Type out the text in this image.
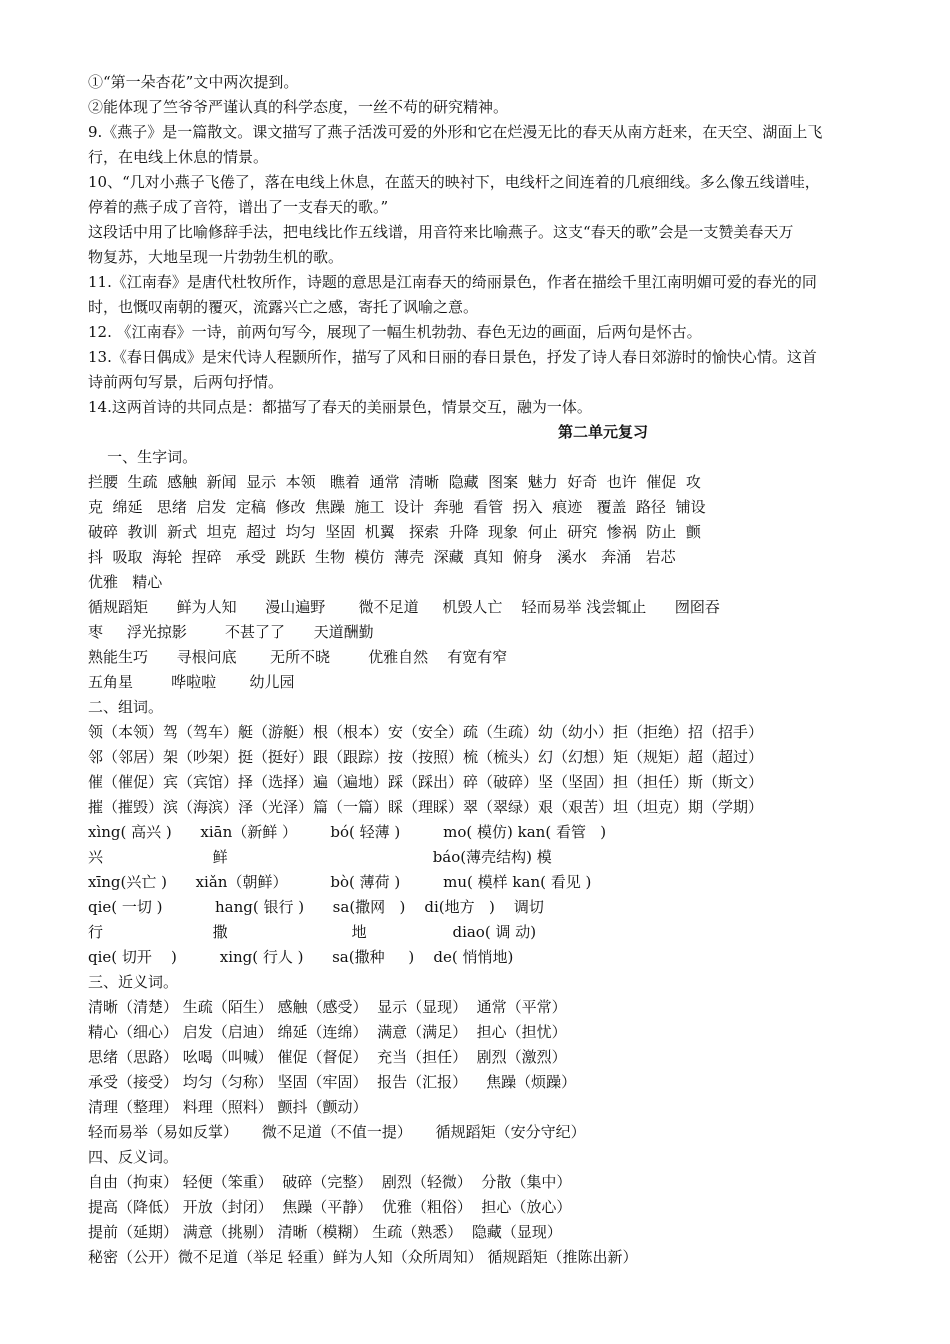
①“第一朵杏花”文中两次提到。
②能体现了竺爷爷严谨认真的科学态度，一丝不苟的研究精神。
9.《燕子》是一篇散文。课文描写了燕子活泼可爱的外形和它在烂漫无比的春天从南方赶来，在天空、湖面上飞
行，在电线上休息的情景。
10、“几对小燕子飞倦了，落在电线上休息，在蓝天的映衬下，电线杆之间连着的几痕细线。多么像五线谱哇，
停着的燕子成了音符，谱出了一支春天的歌。”
这段话中用了比喻修辞手法，把电线比作五线谱，用音符来比喻燕子。这支“春天的歌”会是一支赞美春天万
物复苏，大地呈现一片勃勃生机的歌。
11.《江南春》是唐代杜牧所作，诗题的意思是江南春天的绮丽景色，作者在描绘千里江南明媚可爱的春光的同
时，也慨叹南朝的覆灭，流露兴亡之感，寄托了讽喻之意。
12. 《江南春》一诗，前两句写今，展现了一幅生机勃勃、春色无边的画面，后两句是怀古。
13.《春日偶成》是宋代诗人程颢所作，描写了风和日丽的春日景色，抒发了诗人春日郊游时的愉快心情。这首
诗前两句写景，后两句抒情。
14.这两首诗的共同点是：都描写了春天的美丽景色，情景交互，融为一体。
第二单元复习
一、生字词。
拦腰  生疏  感触  新闻  显示  本领   瞧着  通常  清晰  隐藏  图案  魅力  好奇  也许  催促  攻
克  绵延   思绪  启发  定稿  修改  焦躁  施工  设计  奔驰  看管  拐入  痕迹   覆盖  路径  铺设
破碎  教训  新式  坦克  超过  均匀  坚固  机翼   探索  升降  现象  何止  研究  惨祸  防止  颤
抖  吸取  海轮  捏碎   承受  跳跃  生物  模仿  薄壳  深藏  真知  俯身   溪水   奔涌   岩芯
优雅   精心
循规蹈矩      鲜为人知      漫山遍野       微不足道     机毁人亡    轻而易举 浅尝辄止      囫囵吞
枣     浮光掠影        不甚了了      天道酬勤
熟能生巧      寻根问底       无所不晓        优雅自然    有宽有窄
五角星        哗啦啦       幼儿园
二、组词。
领（本领）驾（驾车）艇（游艇）根（根本）安（安全）疏（生疏）幼（幼小）拒（拒绝）招（招手）
邻（邻居）架（吵架）挺（挺好）跟（跟踪）按（按照）梳（梳头）幻（幻想）矩（规矩）超（超过）
催（催促）宾（宾馆）择（选择）遍（遍地）踩（踩出）碎（破碎）坚（坚固）担（担任）斯（斯文）
摧（摧毁）滨（海滨）泽（光泽）篇（一篇）睬（理睬）翠（翠绿）艰（艰苦）坦（坦克）期（学期）
xìng( 高兴 )      xiān（新鲜 ）       bó( 轻薄 )         mo( 模仿) kan( 看管   )
兴                       鲜                                           báo(薄壳结构) 模
xīng(兴亡 )      xiǎn（朝鲜）         bò( 薄荷 )         mu( 模样 kan( 看见 )
qie( 一切 )           hang( 银行 )      sa(撒网   )    di(地方   )    调切
行                       撒                          地                  diao( 调 动)
qie( 切开    )         xing( 行人 )      sa(撒种     )    de( 悄悄地)
三、近义词。
清晰（清楚） 生疏（陌生） 感触（感受）  显示（显现）  通常（平常）
精心（细心） 启发（启迪） 绵延（连绵）  满意（满足）  担心（担忧）
思绪（思路） 吆喝（叫喊） 催促（督促）  充当（担任）  剧烈（激烈）
承受（接受） 均匀（匀称） 坚固（牢固）  报告（汇报）    焦躁（烦躁）
清理（整理） 料理（照料） 颤抖（颤动）
轻而易举（易如反掌）     微不足道（不值一提）     循规蹈矩（安分守纪）
四、反义词。
自由（拘束） 轻便（笨重）  破碎（完整）  剧烈（轻微）  分散（集中）
提高（降低） 开放（封闭）  焦躁（平静）  优雅（粗俗）  担心（放心）
提前（延期） 满意（挑剔） 清晰（模糊） 生疏（熟悉）  隐藏（显现）
秘密（公开）微不足道（举足 轻重）鲜为人知（众所周知） 循规蹈矩（推陈出新）
